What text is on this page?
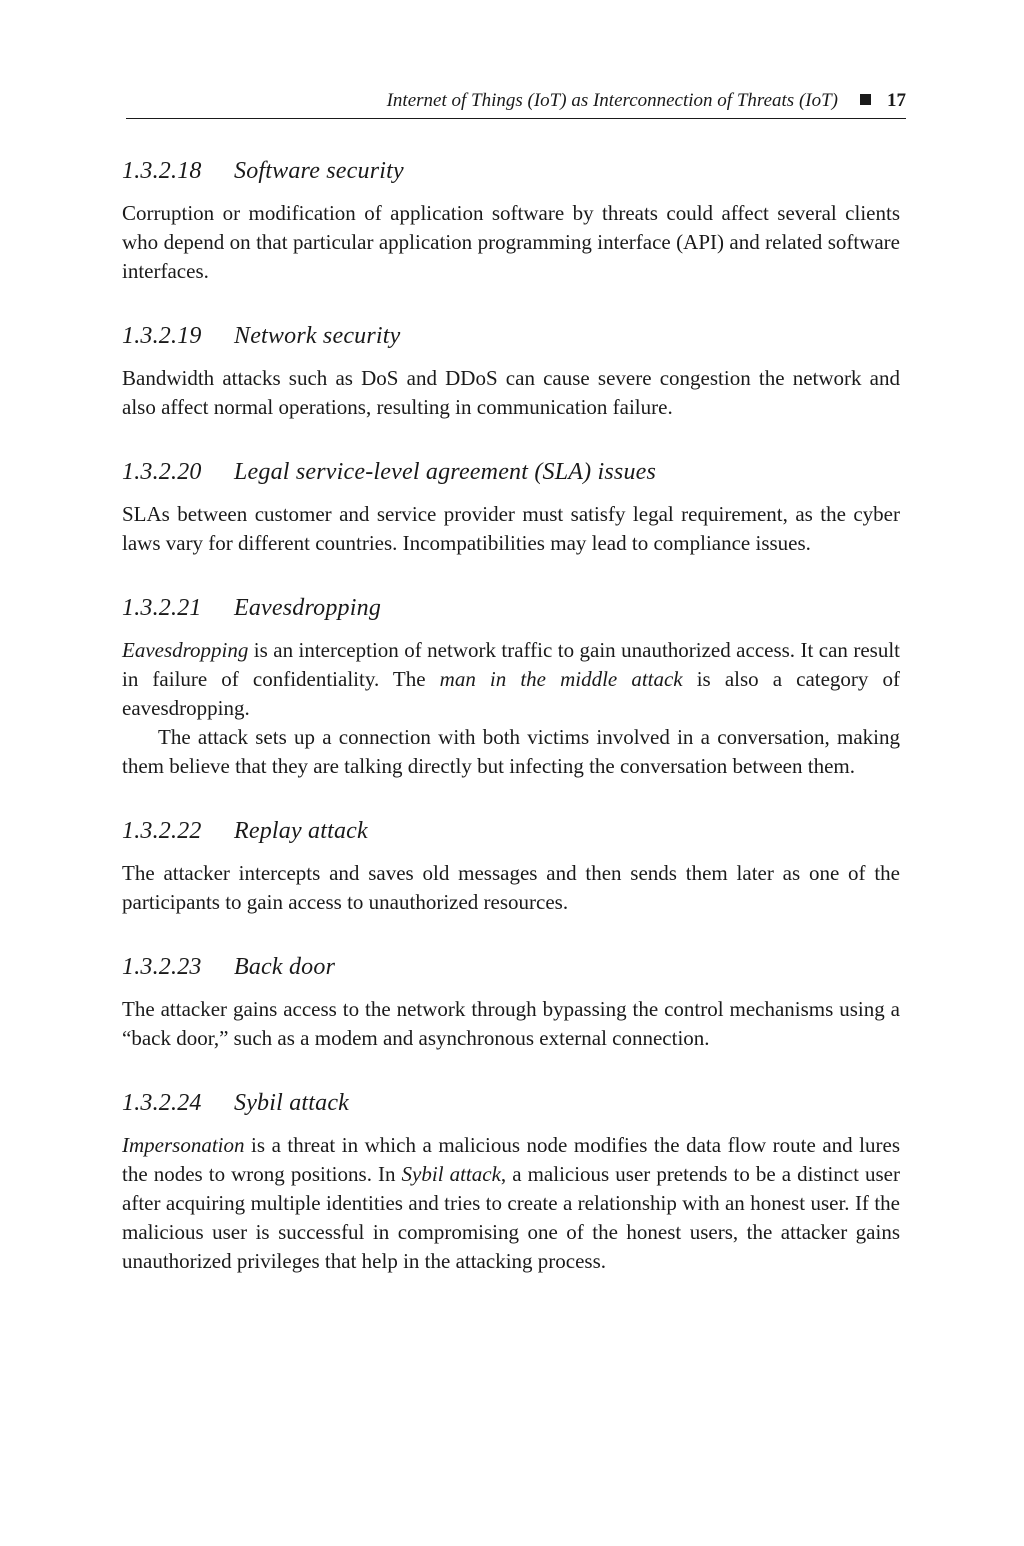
Internet of Things (IoT) as Interconnection of Threats (IoT)	17
1.3.2.18 Software security

Corruption or modification of application software by threats could affect several clients who depend on that particular application programming interface (API) and related software interfaces.

1.3.2.19 Network security

Bandwidth attacks such as DoS and DDoS can cause severe congestion the network and also affect normal operations, resulting in communication failure.

1.3.2.20 Legal service-level agreement (SLA) issues

SLAs between customer and service provider must satisfy legal requirement, as the cyber laws vary for different countries. Incompatibilities may lead to compliance issues.

1.3.2.21 Eavesdropping

Eavesdropping is an interception of network traffic to gain unauthorized access. It can result in failure of confidentiality. The man in the middle attack is also a category of eavesdropping.

The attack sets up a connection with both victims involved in a conversation, making them believe that they are talking directly but infecting the conversation between them.

1.3.2.22 Replay attack

The attacker intercepts and saves old messages and then sends them later as one of the participants to gain access to unauthorized resources.

1.3.2.23 Back door

The attacker gains access to the network through bypassing the control mechanisms using a “back door,” such as a modem and asynchronous external connection.

1.3.2.24 Sybil attack

Impersonation is a threat in which a malicious node modifies the data flow route and lures the nodes to wrong positions. In Sybil attack, a malicious user pretends to be a distinct user after acquiring multiple identities and tries to create a relationship with an honest user. If the malicious user is successful in compromising one of the honest users, the attacker gains unauthorized privileges that help in the attacking process.
